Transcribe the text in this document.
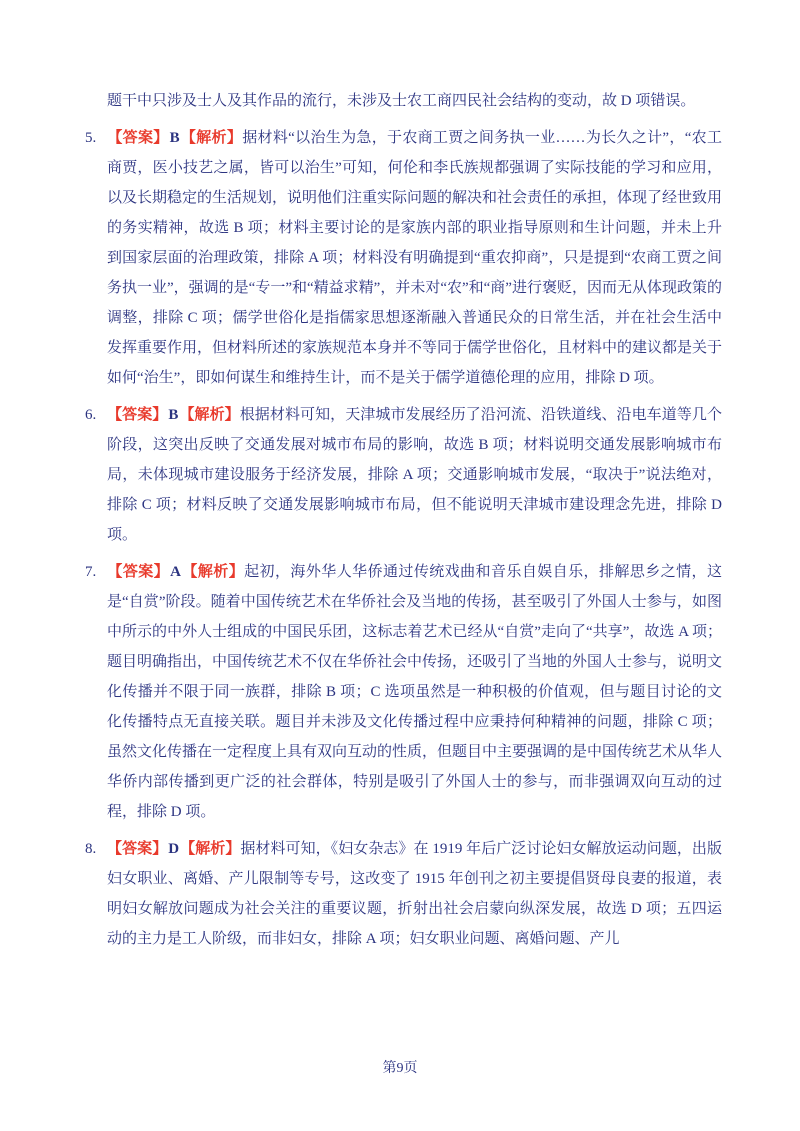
题干中只涉及士人及其作品的流行，未涉及士农工商四民社会结构的变动，故 D 项错误。
5. 【答案】B【解析】据材料“以治生为急，于农商工贾之间务执一业……为长久之计”，“农工商贾，医小技艺之属，皆可以治生”可知，何伦和李氏族规都强调了实际技能的学习和应用，以及长期稳定的生活规划，说明他们注重实际问题的解决和社会责任的承担，体现了经世致用的务实精神，故选 B 项；材料主要讨论的是家族内部的职业指导原则和生计问题，并未上升到国家层面的治理政策，排除 A 项；材料没有明确提到“重农抑商”，只是提到“农商工贾之间务执一业”，强调的是“专一”和“精益求精”，并未对“农”和“商”进行褒贬，因而无从体现政策的调整，排除 C 项；儒学世俗化是指儒家思想逐渐融入普通民众的日常生活，并在社会生活中发挥重要作用，但材料所述的家族规范本身并不等同于儒学世俗化，且材料中的建议都是关于如何“治生”，即如何谋生和维持生计，而不是关于儒学道德伦理的应用，排除 D 项。
6. 【答案】B【解析】根据材料可知，天津城市发展经历了沿河流、沿铁道线、沿电车道等几个阶段，这突出反映了交通发展对城市布局的影响，故选 B 项；材料说明交通发展影响城市布局，未体现城市建设服务于经济发展，排除 A 项；交通影响城市发展，“取决于”说法绝对，排除 C 项；材料反映了交通发展影响城市布局，但不能说明天津城市建设理念先进，排除 D 项。
7. 【答案】A【解析】起初，海外华人华侨通过传统戏曲和音乐自娱自乐，排解思乡之情，这是“自赏”阶段。随着中国传统艺术在华侨社会及当地的传扬，甚至吸引了外国人士参与，如图中所示的中外人士组成的中国民乐团，这标志着艺术已经从“自赏”走向了“共享”，故选 A 项；题目明确指出，中国传统艺术不仅在华侨社会中传扬，还吸引了当地的外国人士参与，说明文化传播并不限于同一族群，排除 B 项；C 选项虽然是一种积极的价值观，但与题目讨论的文化传播特点无直接关联。题目并未涉及文化传播过程中应秉持何种精神的问题，排除 C 项；虽然文化传播在一定程度上具有双向互动的性质，但题目中主要强调的是中国传统艺术从华人华侨内部传播到更广泛的社会群体，特别是吸引了外国人士的参与，而非强调双向互动的过程，排除 D 项。
8. 【答案】D【解析】据材料可知，《妇女杂志》在 1919 年后广泛讨论妇女解放运动问题，出版妇女职业、离婚、产儿限制等专号，这改变了 1915 年创刊之初主要提倡贤母良妻的报道，表明妇女解放问题成为社会关注的重要议题，折射出社会启蒙向纵深发展，故选 D 项；五四运动的主力是工人阶级，而非妇女，排除 A 项；妇女职业问题、离婚问题、产儿
第9页
